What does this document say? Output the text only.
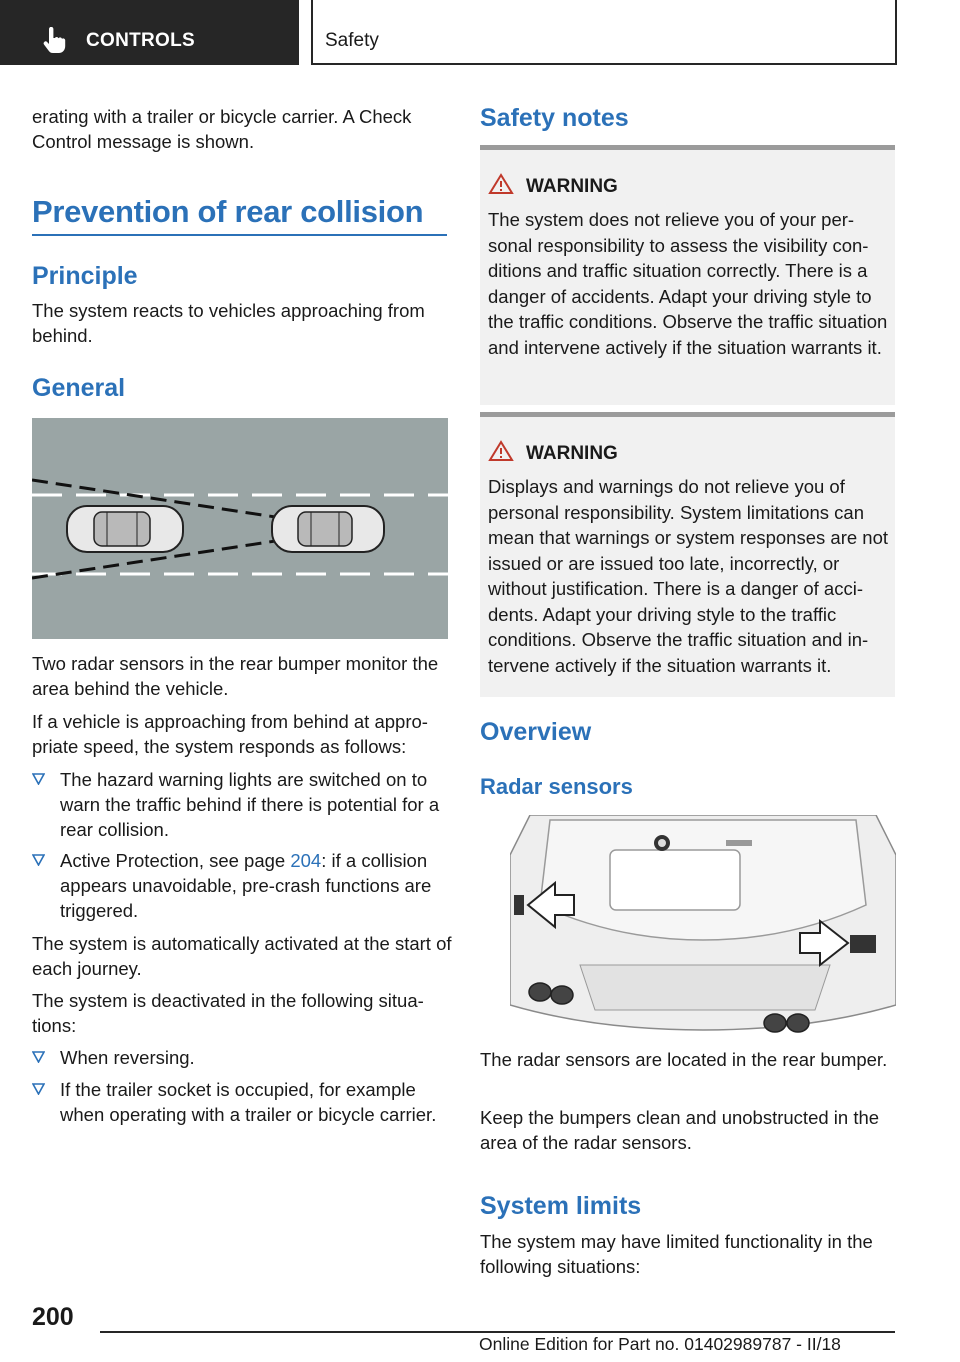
CONTROLS	Safety
erating with a trailer or bicycle carrier. A Check Control message is shown.
Prevention of rear collision
Principle
The system reacts to vehicles approaching from behind.
General
Two radar sensors in the rear bumper monitor the area behind the vehicle.
If a vehicle is approaching from behind at appropriate speed, the system responds as follows:
The hazard warning lights are switched on to warn the traffic behind if there is potential for a rear collision.
Active Protection, see page 204: if a collision appears unavoidable, pre-crash functions are triggered.
The system is automatically activated at the start of each journey.
The system is deactivated in the following situations:
When reversing.
If the trailer socket is occupied, for example when operating with a trailer or bicycle carrier.
Safety notes
WARNING
The system does not relieve you of your personal responsibility to assess the visibility conditions and traffic situation correctly. There is a danger of accidents. Adapt your driving style to the traffic conditions. Observe the traffic situation and intervene actively if the situation warrants it.
WARNING
Displays and warnings do not relieve you of personal responsibility. System limitations can mean that warnings or system responses are not issued or are issued too late, incorrectly, or without justification. There is a danger of accidents. Adapt your driving style to the traffic conditions. Observe the traffic situation and intervene actively if the situation warrants it.
Overview
Radar sensors
The radar sensors are located in the rear bumper.
Keep the bumpers clean and unobstructed in the area of the radar sensors.
System limits
The system may have limited functionality in the following situations:
200
Online Edition for Part no. 01402989787 - II/18
